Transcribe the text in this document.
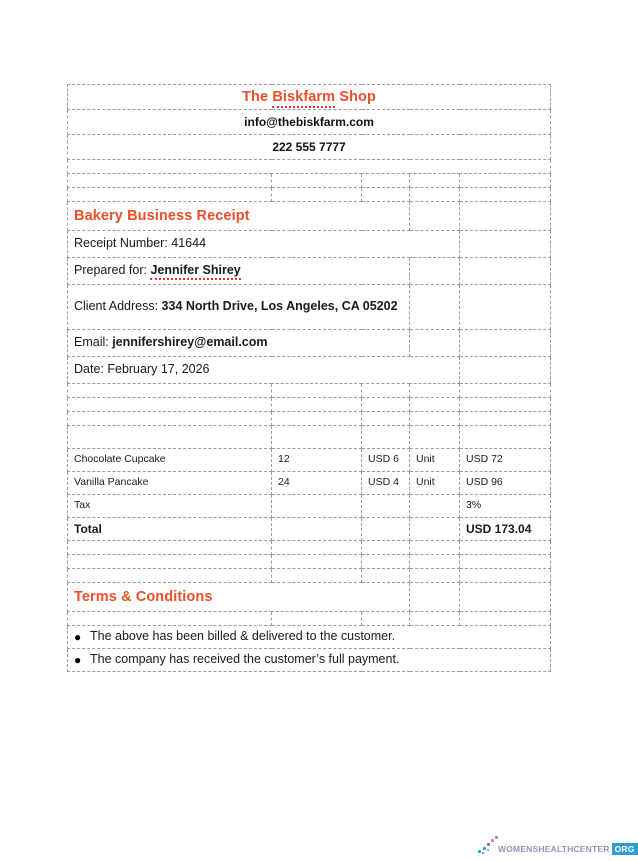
The Biskfarm Shop				
info@thebiskfarm.com				
222 555 7777				

Bakery Business Receipt				
Receipt Number: 41644				
Prepared for: Jennifer Shirey				
Client Address: 334 North Drive, Los Angeles, CA 05202				
Email: jennifershirey@email.com				
Date: February 17, 2026				

Description	Quantity	Price		Total
Chocolate Cupcake	12	USD 6	Unit	USD 72
Vanilla Pancake	24	USD 4	Unit	USD 96
Tax				3%
Total				USD 173.04

Terms & Conditions				

● The above has been billed & delivered to the customer.				

● The company has received the customer’s full payment.				
WOMENSHEALTHCENTER ORG
